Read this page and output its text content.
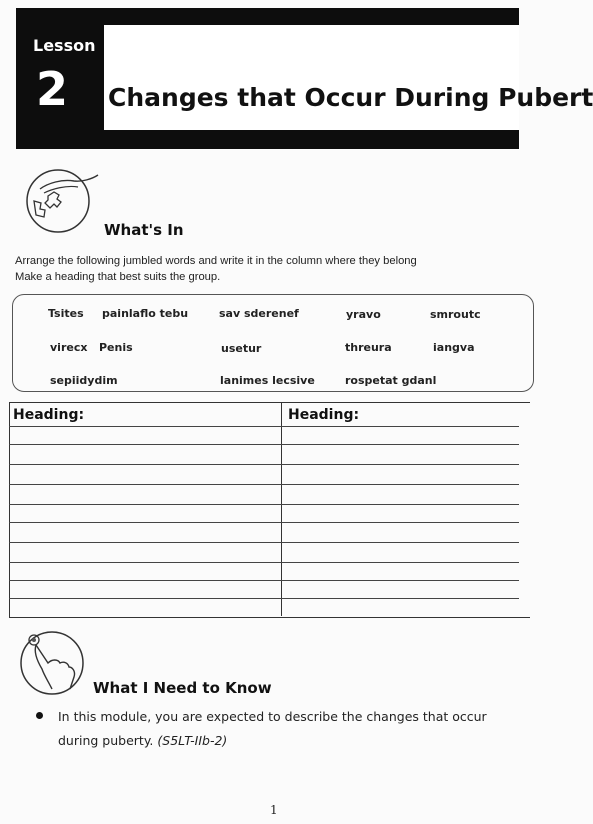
Lesson
2 Changes that Occur During Pubert
What's In
Arrange the following jumbled words and write it in the column where they belong
Make a heading that best suits the group.
Tsites painlaflo tebu	sav sderenef	yravo	smroutc
virecx Penis	usetur	threura	iangva
sepiidydim	lanimes lecsive	rospetat gdanl
Heading:	Heading:
What I Need to Know
In this module, you are expected to describe the changes that occur
during puberty. (S5LT-IIb-2)
1
